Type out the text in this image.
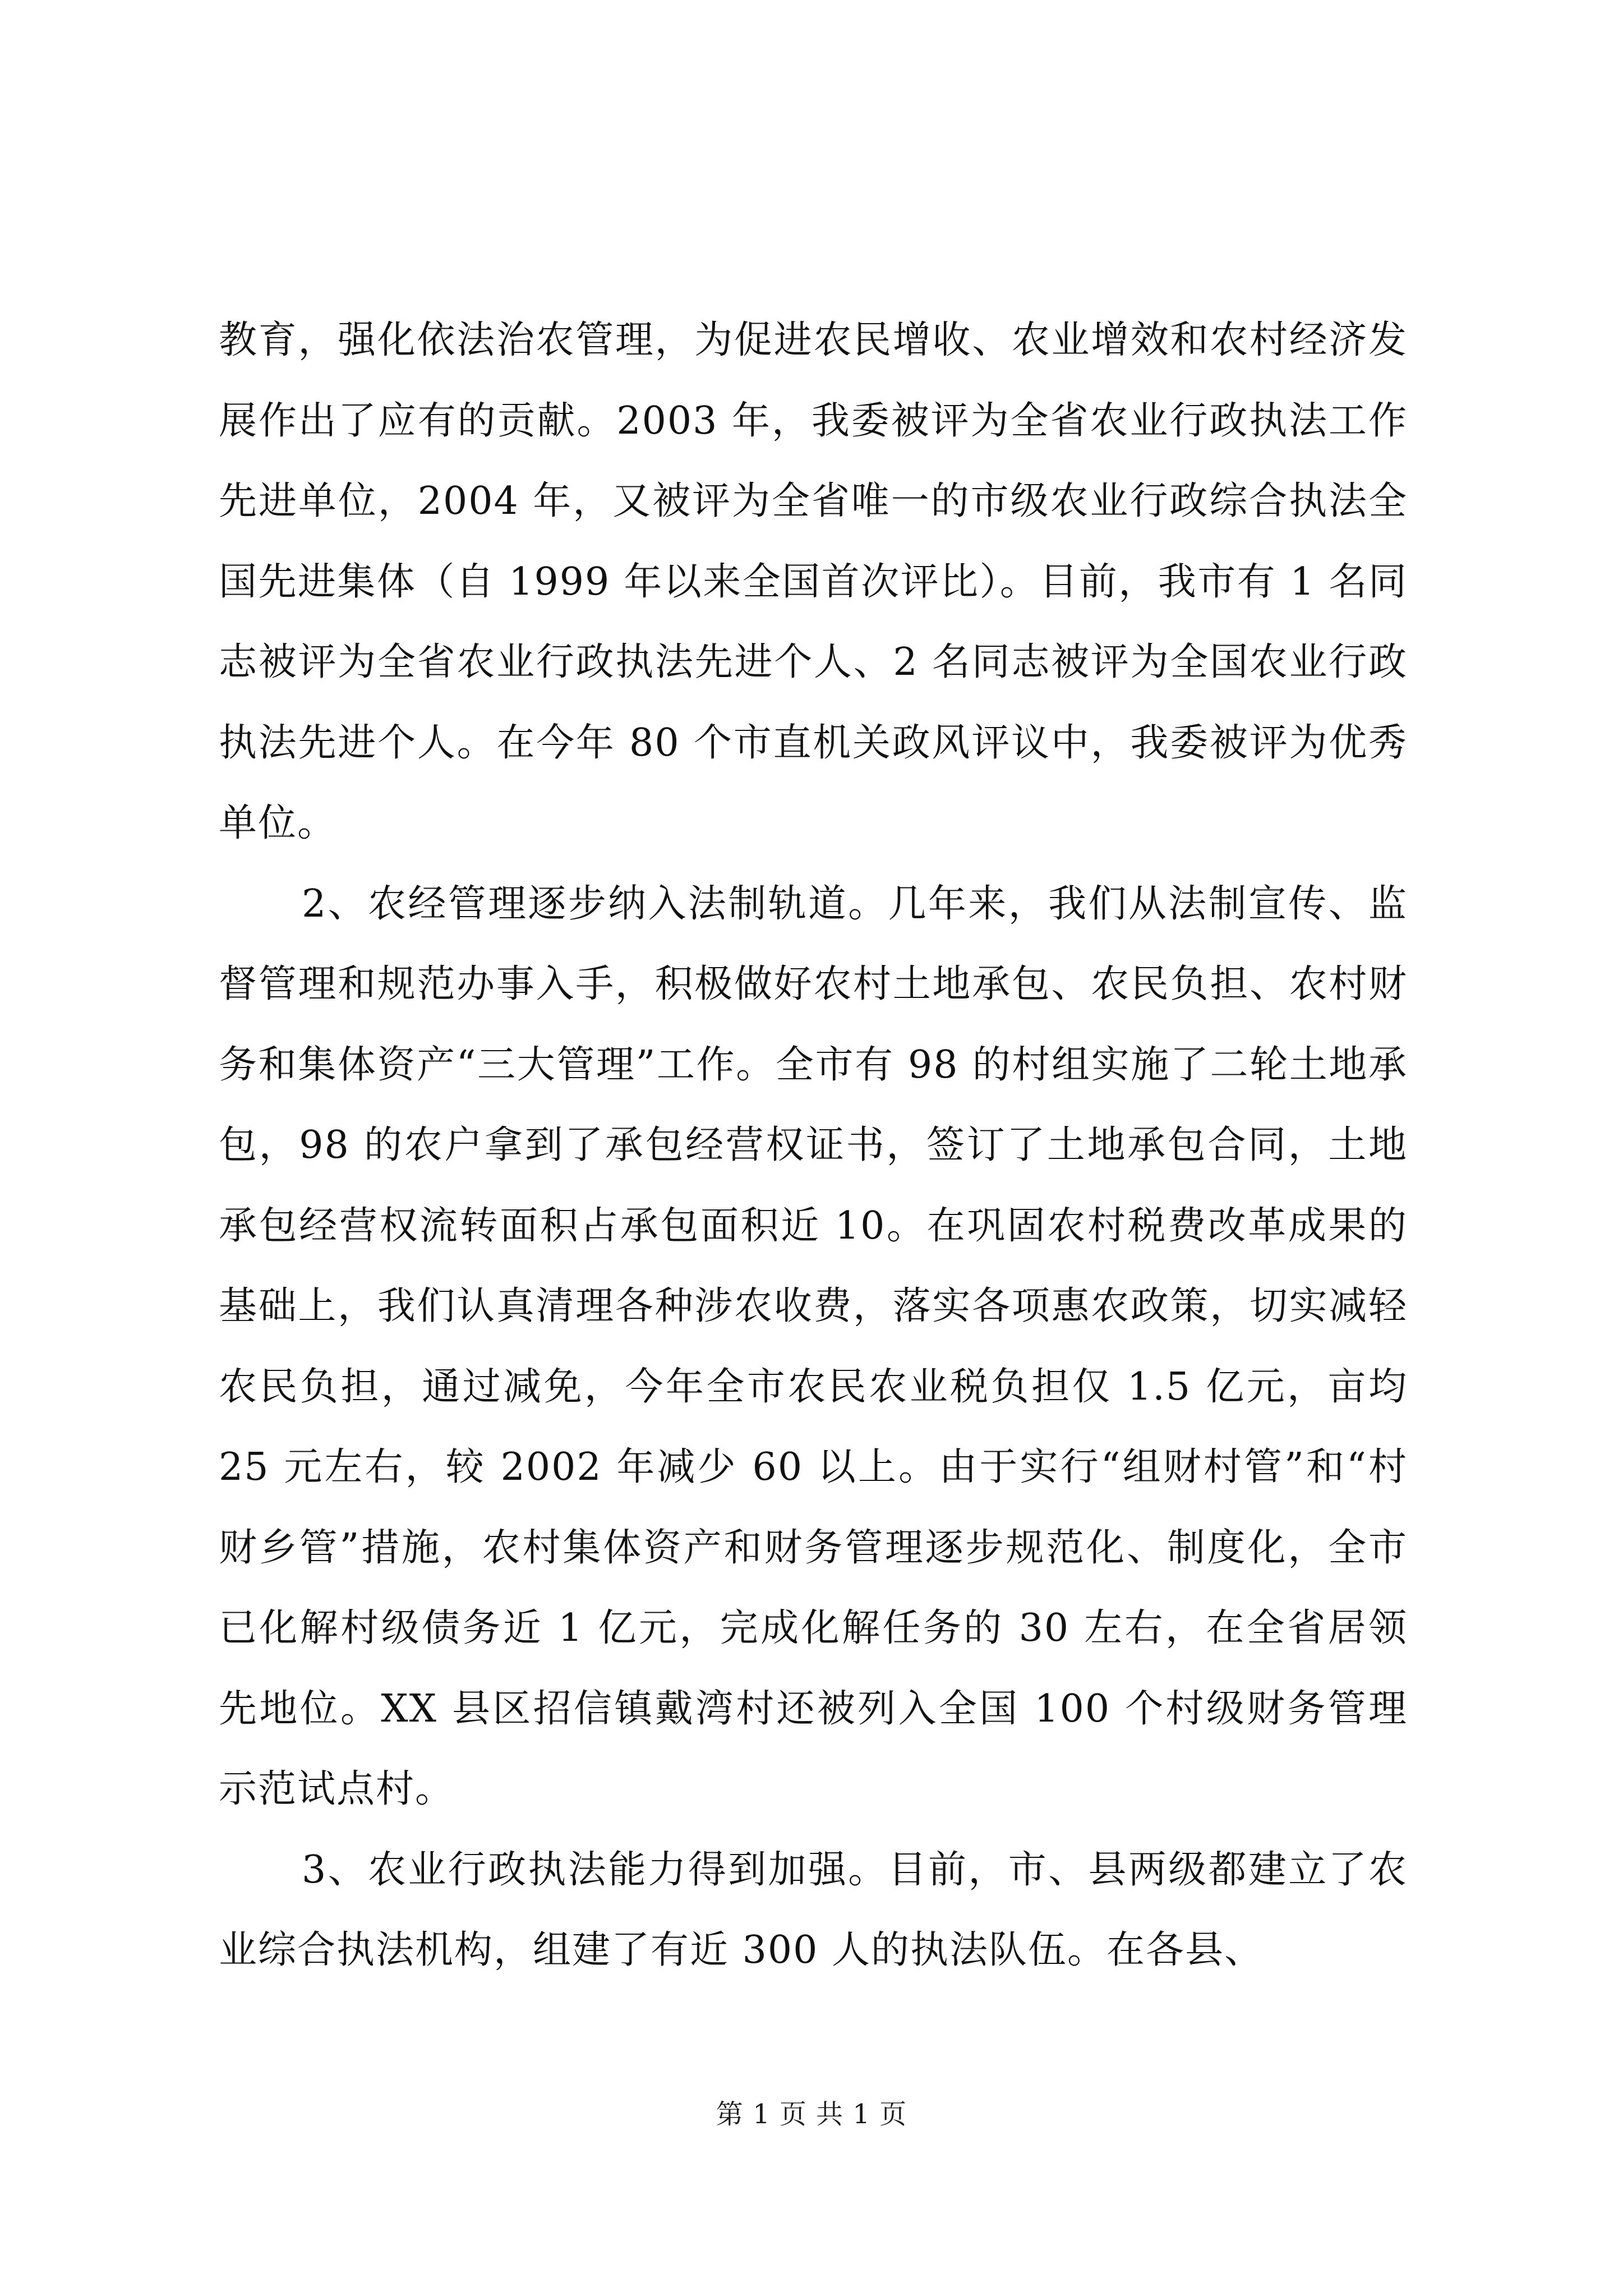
教育，强化依法治农管理，为促进农民增收、农业增效和农村经济发展作出了应有的贡献。2003 年，我委被评为全省农业行政执法工作先进单位，2004 年，又被评为全省唯一的市级农业行政综合执法全国先进集体（自 1999 年以来全国首次评比）。目前，我市有 1 名同志被评为全省农业行政执法先进个人、2 名同志被评为全国农业行政执法先进个人。在今年 80 个市直机关政风评议中，我委被评为优秀单位。

2、农经管理逐步纳入法制轨道。几年来，我们从法制宣传、监督管理和规范办事入手，积极做好农村土地承包、农民负担、农村财务和集体资产“三大管理”工作。全市有 98 的村组实施了二轮土地承包，98 的农户拿到了承包经营权证书，签订了土地承包合同，土地承包经营权流转面积占承包面积近 10。在巩固农村税费改革成果的基础上，我们认真清理各种涉农收费，落实各项惠农政策，切实减轻农民负担，通过减免，今年全市农民农业税负担仅 1.5 亿元，亩均 25 元左右，较 2002 年减少 60 以上。由于实行“组财村管”和“村财乡管”措施，农村集体资产和财务管理逐步规范化、制度化，全市已化解村级债务近 1 亿元，完成化解任务的 30 左右，在全省居领先地位。XX 县区招信镇戴湾村还被列入全国 100 个村级财务管理示范试点村。

3、农业行政执法能力得到加强。目前，市、县两级都建立了农业综合执法机构，组建了有近 300 人的执法队伍。在各县、

第 1 页 共 1 页
